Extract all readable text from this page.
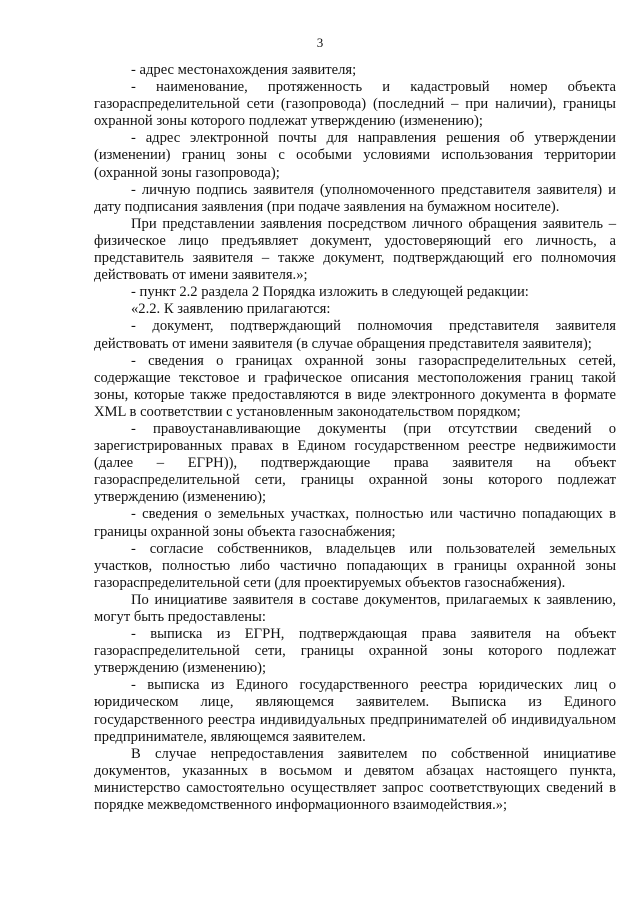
3

- адрес местонахождения заявителя;

- наименование, протяженность и кадастровый номер объекта газораспределительной сети (газопровода) (последний – при наличии), границы охранной зоны которого подлежат утверждению (изменению);

- адрес электронной почты для направления решения об утверждении (изменении) границ зоны с особыми условиями использования территории (охранной зоны газопровода);

- личную подпись заявителя (уполномоченного представителя заявителя) и дату подписания заявления (при подаче заявления на бумажном носителе).

При представлении заявления посредством личного обращения заявитель – физическое лицо предъявляет документ, удостоверяющий его личность, а представитель заявителя – также документ, подтверждающий его полномочия действовать от имени заявителя.»;

- пункт 2.2 раздела 2 Порядка изложить в следующей редакции:

«2.2. К заявлению прилагаются:

- документ, подтверждающий полномочия представителя заявителя действовать от имени заявителя (в случае обращения представителя заявителя);

- сведения о границах охранной зоны газораспределительных сетей, содержащие текстовое и графическое описания местоположения границ такой зоны, которые также предоставляются в виде электронного документа в формате XML в соответствии с установленным законодательством порядком;

- правоустанавливающие документы (при отсутствии сведений о зарегистрированных правах в Едином государственном реестре недвижимости (далее – ЕГРН)), подтверждающие права заявителя на объект газораспределительной сети, границы охранной зоны которого подлежат утверждению (изменению);

- сведения о земельных участках, полностью или частично попадающих в границы охранной зоны объекта газоснабжения;

- согласие собственников, владельцев или пользователей земельных участков, полностью либо частично попадающих в границы охранной зоны газораспределительной сети (для проектируемых объектов газоснабжения).

По инициативе заявителя в составе документов, прилагаемых к заявлению, могут быть предоставлены:

- выписка из ЕГРН, подтверждающая права заявителя на объект газораспределительной сети, границы охранной зоны которого подлежат утверждению (изменению);

- выписка из Единого государственного реестра юридических лиц о юридическом лице, являющемся заявителем. Выписка из Единого государственного реестра индивидуальных предпринимателей об индивидуальном предпринимателе, являющемся заявителем.

В случае непредоставления заявителем по собственной инициативе документов, указанных в восьмом и девятом абзацах настоящего пункта, министерство самостоятельно осуществляет запрос соответствующих сведений в порядке межведомственного информационного взаимодействия.»;
